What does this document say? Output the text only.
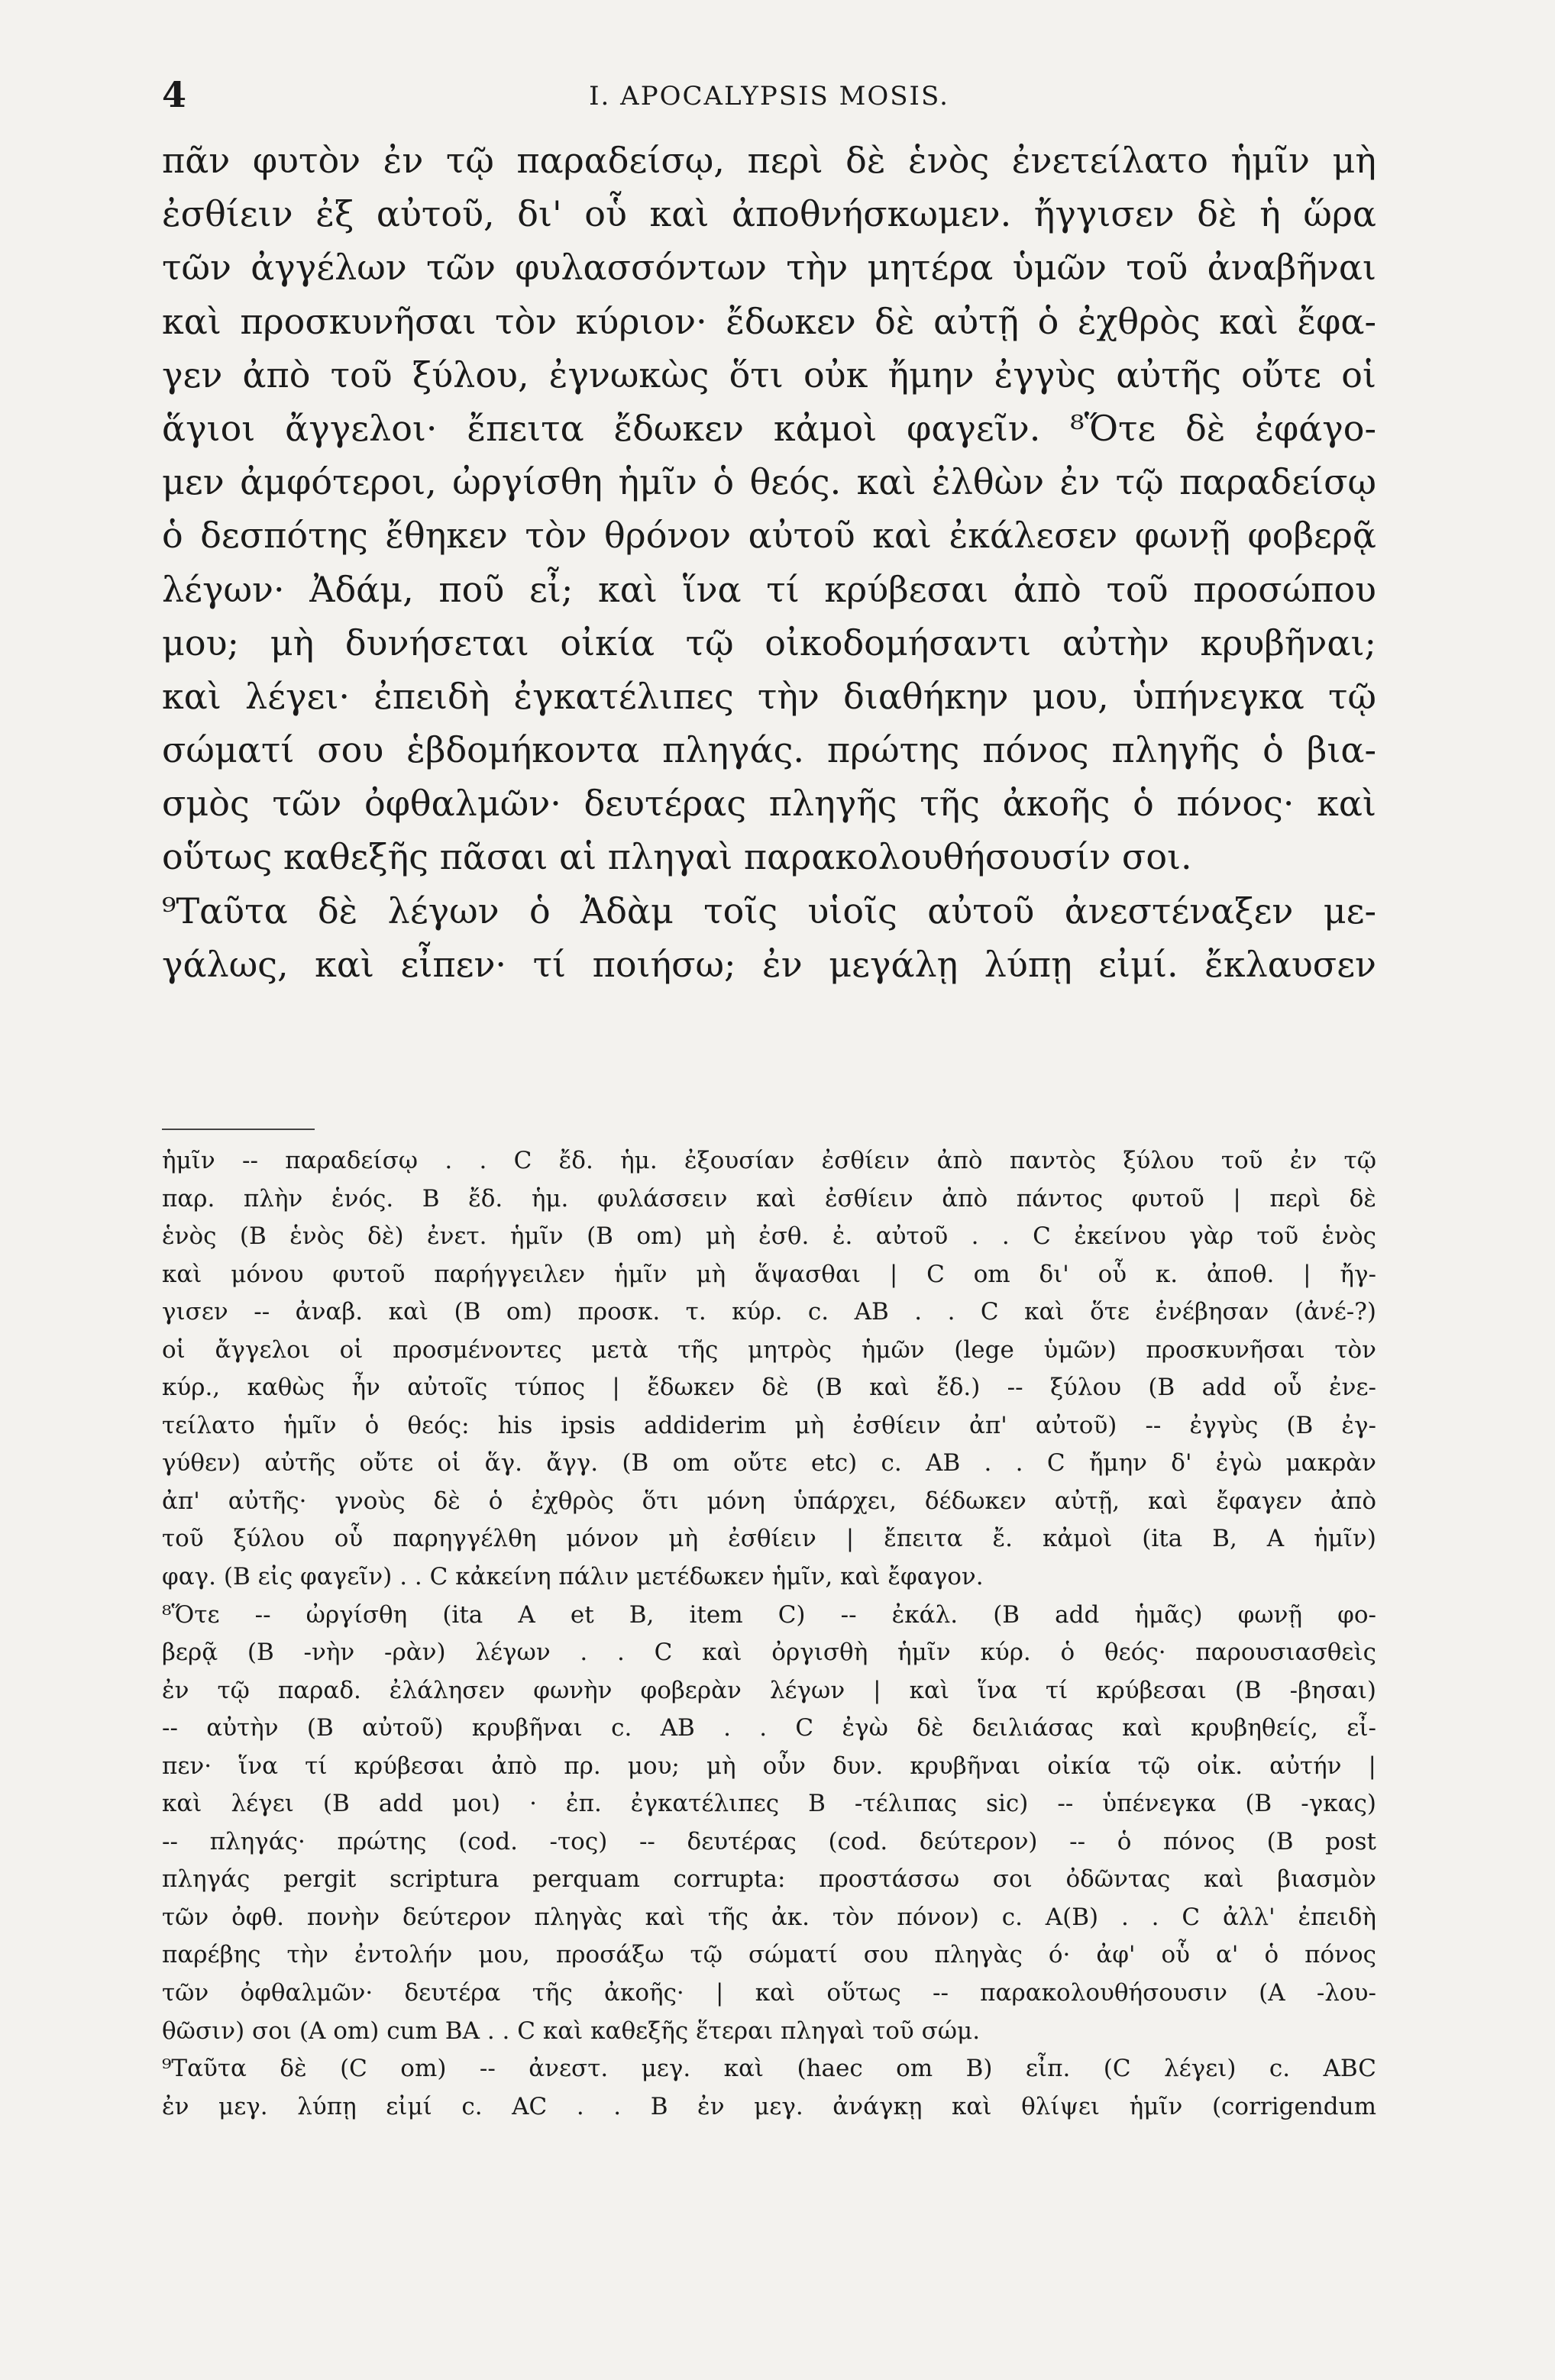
4	I. APOCALYPSIS MOSIS.
πᾶν φυτὸν ἐν τῷ παραδείσῳ, περὶ δὲ ἑνὸς ἐνετείλατο ἡμῖν μὴ
ἐσθίειν ἐξ αὐτοῦ, δι' οὗ καὶ ἀποθνήσκωμεν. ἤγγισεν δὲ ἡ ὥρα
τῶν ἀγγέλων τῶν φυλασσόντων τὴν μητέρα ὑμῶν τοῦ ἀναβῆναι
καὶ προσκυνῆσαι τὸν κύριον· ἔδωκεν δὲ αὐτῇ ὁ ἐχθρὸς καὶ ἔφα-
γεν ἀπὸ τοῦ ξύλου, ἐγνωκὼς ὅτι οὐκ ἤμην ἐγγὺς αὐτῆς οὔτε οἱ
ἅγιοι ἄγγελοι· ἔπειτα ἔδωκεν κἀμοὶ φαγεῖν. ⁸Ὅτε δὲ ἐφάγο-
μεν ἀμφότεροι, ὠργίσθη ἡμῖν ὁ θεός. καὶ ἐλθὼν ἐν τῷ παραδείσῳ
ὁ δεσπότης ἔθηκεν τὸν θρόνον αὐτοῦ καὶ ἐκάλεσεν φωνῇ φοβερᾷ
λέγων· Ἀδάμ, ποῦ εἶ; καὶ ἵνα τί κρύβεσαι ἀπὸ τοῦ προσώπου
μου; μὴ δυνήσεται οἰκία τῷ οἰκοδομήσαντι αὐτὴν κρυβῆναι;
καὶ λέγει· ἐπειδὴ ἐγκατέλιπες τὴν διαθήκην μου, ὑπήνεγκα τῷ
σώματί σου ἑβδομήκοντα πληγάς. πρώτης πόνος πληγῆς ὁ βια-
σμὸς τῶν ὀφθαλμῶν· δευτέρας πληγῆς τῆς ἀκοῆς ὁ πόνος· καὶ
οὕτως καθεξῆς πᾶσαι αἱ πληγαὶ παρακολουθήσουσίν σοι.
⁹Ταῦτα δὲ λέγων ὁ Ἀδὰμ τοῖς υἱοῖς αὐτοῦ ἀνεστέναξεν με-
γάλως, καὶ εἶπεν· τί ποιήσω; ἐν μεγάλῃ λύπῃ εἰμί. ἔκλαυσεν
ἡμῖν -- παραδείσῳ . . C ἔδ. ἡμ. ἐξουσίαν ἐσθίειν ἀπὸ παντὸς ξύλου τοῦ ἐν τῷ
παρ. πλὴν ἑνός. B ἔδ. ἡμ. φυλάσσειν καὶ ἐσθίειν ἀπὸ πάντος φυτοῦ | περὶ δὲ
ἑνὸς (B ἑνὸς δὲ) ἐνετ. ἡμῖν (B om) μὴ ἐσθ. ἐ. αὐτοῦ . . C ἐκείνου γὰρ τοῦ ἑνὸς
καὶ μόνου φυτοῦ παρήγγειλεν ἡμῖν μὴ ἅψασθαι | C om δι' οὗ κ. ἀποθ. | ἤγ-
γισεν -- ἀναβ. καὶ (B om) προσκ. τ. κύρ. c. AB . . C καὶ ὅτε ἐνέβησαν (ἀνέ-?)
οἱ ἄγγελοι οἱ προσμένοντες μετὰ τῆς μητρὸς ἡμῶν (lege ὑμῶν) προσκυνῆσαι τὸν
κύρ., καθὼς ἦν αὐτοῖς τύπος | ἔδωκεν δὲ (B καὶ ἔδ.) -- ξύλου (B add οὗ ἐνε-
τείλατο ἡμῖν ὁ θεός: his ipsis addiderim μὴ ἐσθίειν ἀπ' αὐτοῦ) -- ἐγγὺς (B ἐγ-
γύθεν) αὐτῆς οὔτε οἱ ἅγ. ἄγγ. (B om οὔτε etc) c. AB . . C ἤμην δ' ἐγὼ μακρὰν
ἀπ' αὐτῆς· γνοὺς δὲ ὁ ἐχθρὸς ὅτι μόνη ὑπάρχει, δέδωκεν αὐτῇ, καὶ ἔφαγεν ἀπὸ
τοῦ ξύλου οὗ παρηγγέλθη μόνον μὴ ἐσθίειν | ἔπειτα ἔ. κἀμοὶ (ita B, A ἡμῖν)
φαγ. (B εἰς φαγεῖν) . . C κἀκείνη πάλιν μετέδωκεν ἡμῖν, καὶ ἔφαγον.
⁸Ὅτε -- ὠργίσθη (ita A et B, item C) -- ἐκάλ. (B add ἡμᾶς) φωνῇ φο-
βερᾷ (B -νὴν -ρὰν) λέγων . . C καὶ ὀργισθὴ ἡμῖν κύρ. ὁ θεός· παρουσιασθεὶς
ἐν τῷ παραδ. ἐλάλησεν φωνὴν φοβερὰν λέγων | καὶ ἵνα τί κρύβεσαι (B -βησαι)
-- αὐτὴν (B αὐτοῦ) κρυβῆναι c. AB . . C ἐγὼ δὲ δειλιάσας καὶ κρυβηθείς, εἶ-
πεν· ἵνα τί κρύβεσαι ἀπὸ πρ. μου; μὴ οὖν δυν. κρυβῆναι οἰκία τῷ οἰκ. αὐτήν |
καὶ λέγει (B add μοι) · ἐπ. ἐγκατέλιπες B -τέλιπας sic) -- ὑπένεγκα (B -γκας)
-- πληγάς· πρώτης (cod. -τος) -- δευτέρας (cod. δεύτερον) -- ὁ πόνος (B post
πληγάς pergit scriptura perquam corrupta: προστάσσω σοι ὀδῶντας καὶ βιασμὸν
τῶν ὀφθ. πονὴν δεύτερον πληγὰς καὶ τῆς ἀκ. τὸν πόνον) c. A(B) . . C ἀλλ' ἐπειδὴ
παρέβης τὴν ἐντολήν μου, προσάξω τῷ σώματί σου πληγὰς ό· ἀφ' οὗ α' ὁ πόνος
τῶν ὀφθαλμῶν· δευτέρα τῆς ἀκοῆς· | καὶ οὕτως -- παρακολουθήσουσιν (A -λου-
θῶσιν) σοι (A om) cum BA . . C καὶ καθεξῆς ἕτεραι πληγαὶ τοῦ σώμ.
⁹Ταῦτα δὲ (C om) -- ἀνεστ. μεγ. καὶ (haec om B) εἶπ. (C λέγει) c. ABC
ἐν μεγ. λύπῃ εἰμί c. AC . . B ἐν μεγ. ἀνάγκῃ καὶ θλίψει ἡμῖν (corrigendum
